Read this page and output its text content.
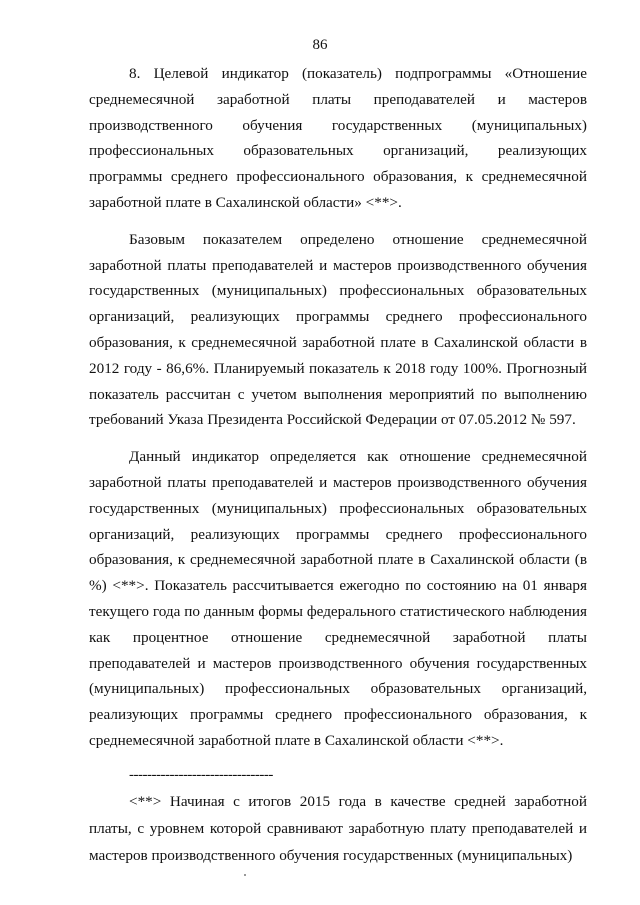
86

8. Целевой индикатор (показатель) подпрограммы «Отношение среднемесячной заработной платы преподавателей и мастеров производственного обучения государственных (муниципальных) профессиональных образовательных организаций, реализующих программы среднего профессионального образования, к среднемесячной заработной плате в Сахалинской области» <**>.

Базовым показателем определено отношение среднемесячной заработной платы преподавателей и мастеров производственного обучения государственных (муниципальных) профессиональных образовательных организаций, реализующих программы среднего профессионального образования, к среднемесячной заработной плате в Сахалинской области в 2012 году - 86,6%. Планируемый показатель к 2018 году 100%. Прогнозный показатель рассчитан с учетом выполнения мероприятий по выполнению требований Указа Президента Российской Федерации от 07.05.2012 № 597.

Данный индикатор определяется как отношение среднемесячной заработной платы преподавателей и мастеров производственного обучения государственных (муниципальных) профессиональных образовательных организаций, реализующих программы среднего профессионального образования, к среднемесячной заработной плате в Сахалинской области (в %) <**>. Показатель рассчитывается ежегодно по состоянию на 01 января текущего года по данным формы федерального статистического наблюдения как процентное отношение среднемесячной заработной платы преподавателей и мастеров производственного обучения государственных (муниципальных) профессиональных образовательных организаций, реализующих программы среднего профессионального образования, к среднемесячной заработной плате в Сахалинской области <**>.

--------------------------------

<**> Начиная с итогов 2015 года в качестве средней заработной платы, с уровнем которой сравнивают заработную плату преподавателей и мастеров производственного обучения государственных (муниципальных)
